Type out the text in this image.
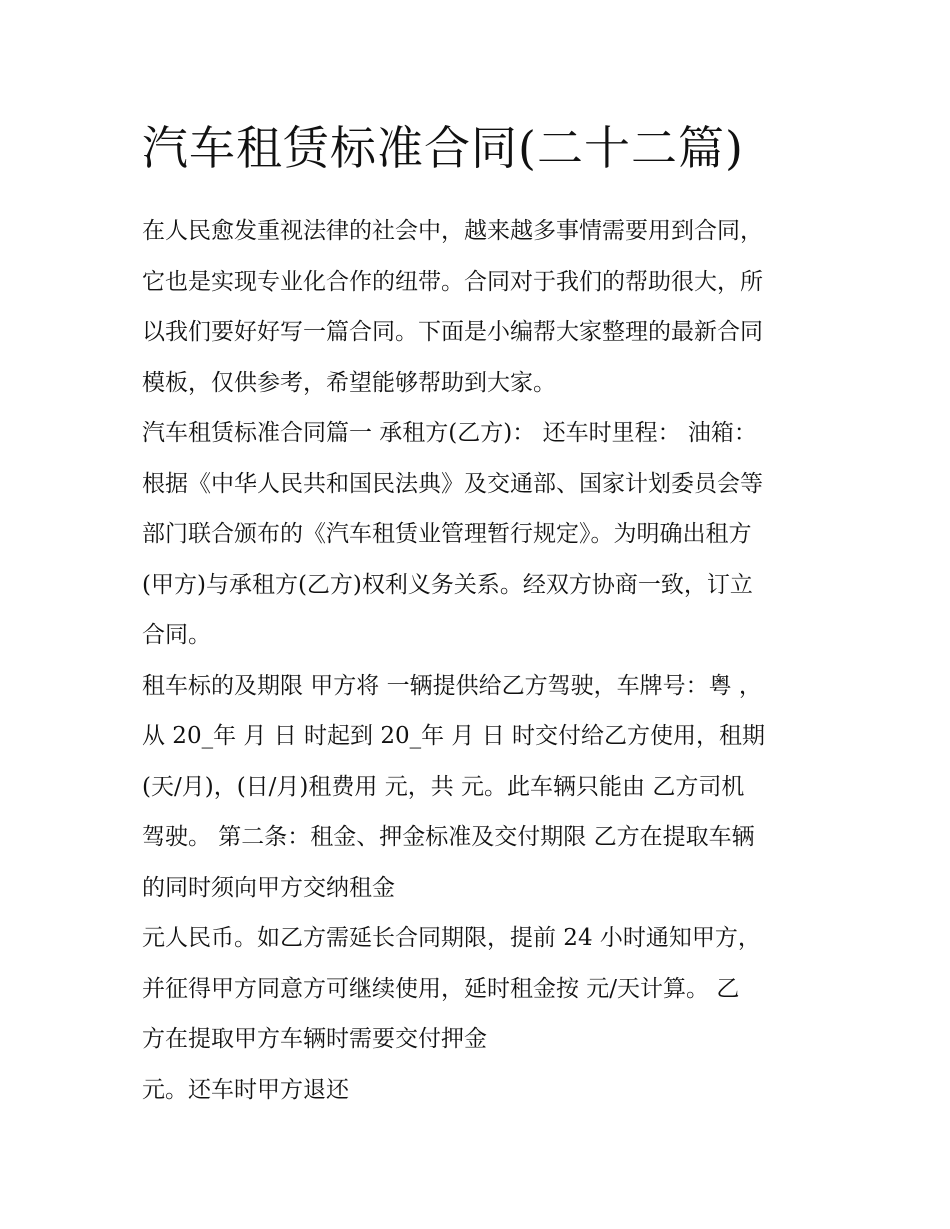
汽车租赁标准合同(二十二篇)

在人民愈发重视法律的社会中，越来越多事情需要用到合同，
它也是实现专业化合作的纽带。合同对于我们的帮助很大，所
以我们要好好写一篇合同。下面是小编帮大家整理的最新合同
模板，仅供参考，希望能够帮助到大家。

汽车租赁标准合同篇一 承租方(乙方)： 还车时里程： 油箱：
根据《中华人民共和国民法典》及交通部、国家计划委员会等
部门联合颁布的《汽车租赁业管理暂行规定》。为明确出租方
(甲方)与承租方(乙方)权利义务关系。经双方协商一致，订立
合同。

租车标的及期限 甲方将 一辆提供给乙方驾驶，车牌号：粤 ，
从 20_年 月 日 时起到 20_年 月 日 时交付给乙方使用，租期
(天/月)，(日/月)租费用 元，共 元。此车辆只能由 乙方司机
驾驶。 第二条：租金、押金标准及交付期限 乙方在提取车辆
的同时须向甲方交纳租金

元人民币。如乙方需延长合同期限，提前 24 小时通知甲方，
并征得甲方同意方可继续使用，延时租金按 元/天计算。 乙
方在提取甲方车辆时需要交付押金

元。还车时甲方退还
